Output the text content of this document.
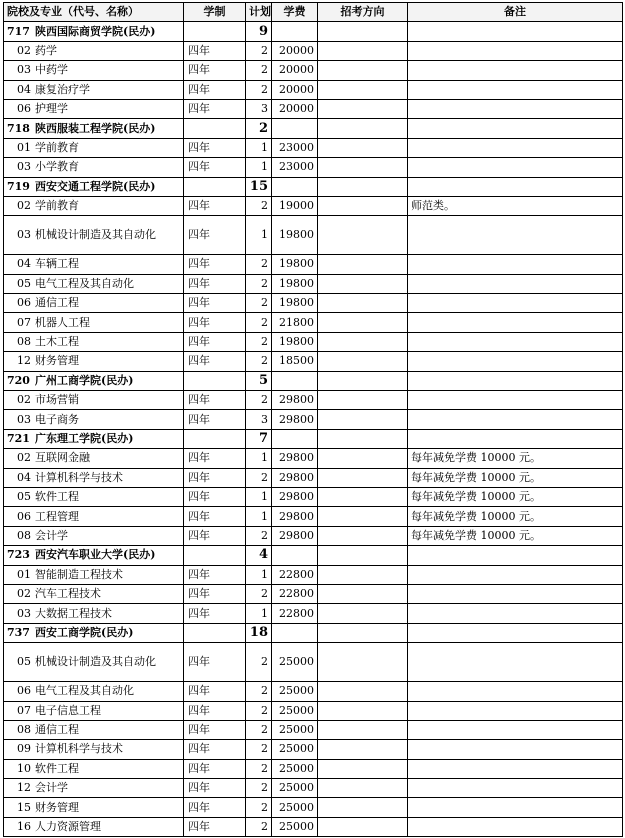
院校及专业（代号、名称）	学制	计划	学费	招考方向	备注
717 陕西国际商贸学院(民办)		9			
02 药学	四年	2	20000		
03 中药学	四年	2	20000		
04 康复治疗学	四年	2	20000		
06 护理学	四年	3	20000		
718 陕西服装工程学院(民办)		2			
01 学前教育	四年	1	23000		
03 小学教育	四年	1	23000		
719 西安交通工程学院(民办)		15			
02 学前教育	四年	2	19000		师范类。
03 机械设计制造及其自动化	四年	1	19800		
04 车辆工程	四年	2	19800		
05 电气工程及其自动化	四年	2	19800		
06 通信工程	四年	2	19800		
07 机器人工程	四年	2	21800		
08 土木工程	四年	2	19800		
12 财务管理	四年	2	18500		
720 广州工商学院(民办)		5			
02 市场营销	四年	2	29800		
03 电子商务	四年	3	29800		
721 广东理工学院(民办)		7			
02 互联网金融	四年	1	29800		每年减免学费 10000 元。
04 计算机科学与技术	四年	2	29800		每年减免学费 10000 元。
05 软件工程	四年	1	29800		每年减免学费 10000 元。
06 工程管理	四年	1	29800		每年减免学费 10000 元。
08 会计学	四年	2	29800		每年减免学费 10000 元。
723 西安汽车职业大学(民办)		4			
01 智能制造工程技术	四年	1	22800		
02 汽车工程技术	四年	2	22800		
03 大数据工程技术	四年	1	22800		
737 西安工商学院(民办)		18			
05 机械设计制造及其自动化	四年	2	25000		
06 电气工程及其自动化	四年	2	25000		
07 电子信息工程	四年	2	25000		
08 通信工程	四年	2	25000		
09 计算机科学与技术	四年	2	25000		
10 软件工程	四年	2	25000		
12 会计学	四年	2	25000		
15 财务管理	四年	2	25000		
16 人力资源管理	四年	2	25000		
